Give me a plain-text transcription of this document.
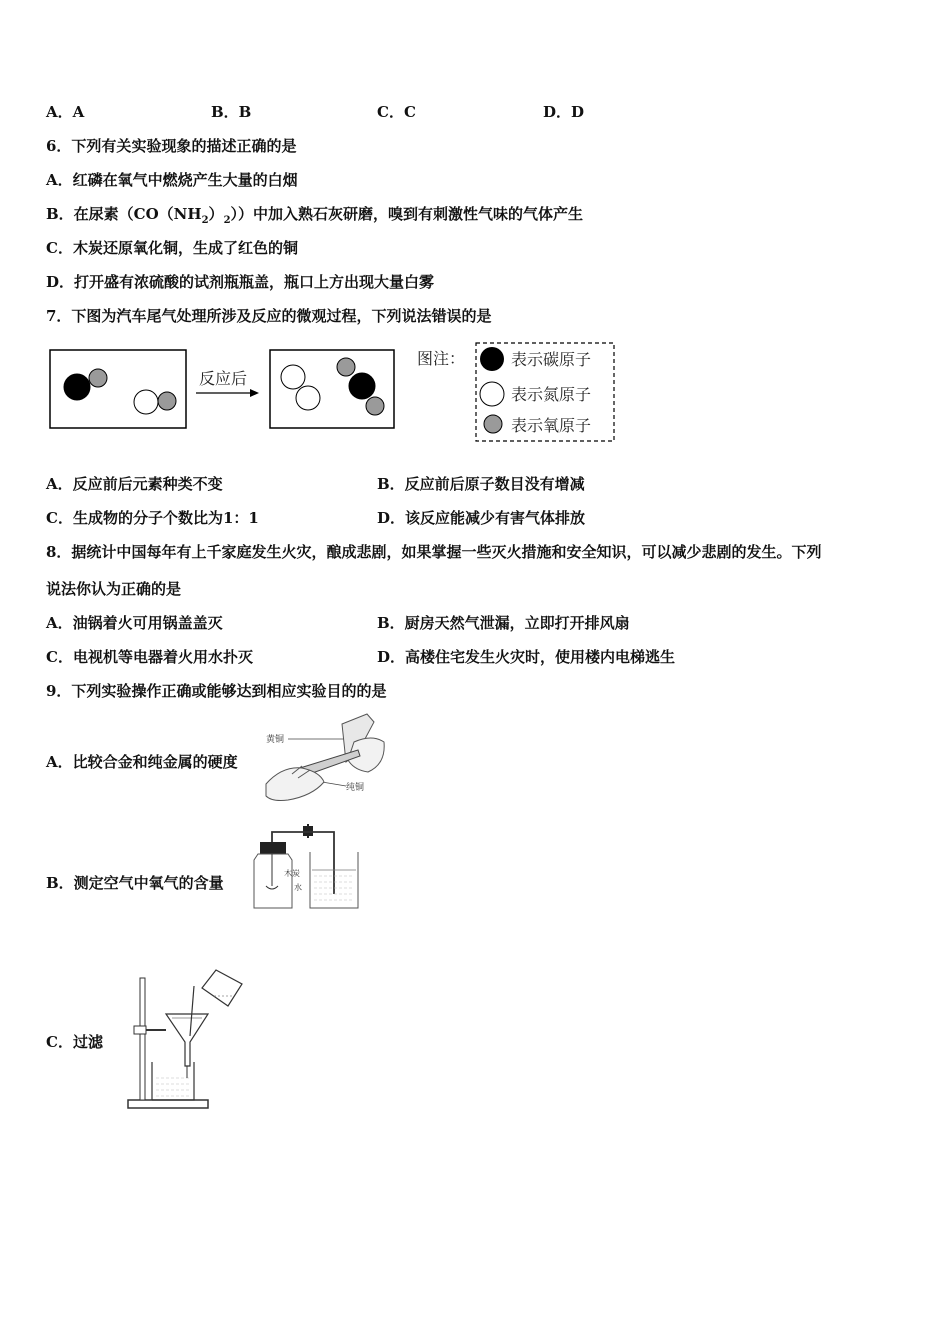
A．A	B．B	C．C	D．D
6．下列有关实验现象的描述正确的是
A．红磷在氧气中燃烧产生大量的白烟
B．在尿素$(CO(NH_2)_2)$）中加入熟石灰研磨，嗅到有刺激性气味的气体产生
C．木炭还原氧化铜，生成了红色的铜
D．打开盛有浓硫酸的试剂瓶瓶盖，瓶口上方出现大量白雾
7．下图为汽车尾气处理所涉及反应的微观过程，下列说法错误的是
反应后
图注：	表示碳原子
表示氮原子
表示氧原子
A．反应前后元素种类不变	B．反应前后原子数目没有增减
C．生成物的分子个数比为1：1	D．该反应能减少有害气体排放
8．据统计中国每年有上千家庭发生火灾，酿成悲剧，如果掌握一些灭火措施和安全知识，可以减少悲剧的发生。下列
说法你认为正确的是
A．油锅着火可用锅盖盖灭	B．厨房天然气泄漏，立即打开排风扇
C．电视机等电器着火用水扑灭	D．高楼住宅发生火灾时，使用楼内电梯逃生
9．下列实验操作正确或能够达到相应实验目的的是
A．比较合金和纯金属的硬度
黄铜
纯铜
B．测定空气中氧气的含量
木炭
水
C．过滤
